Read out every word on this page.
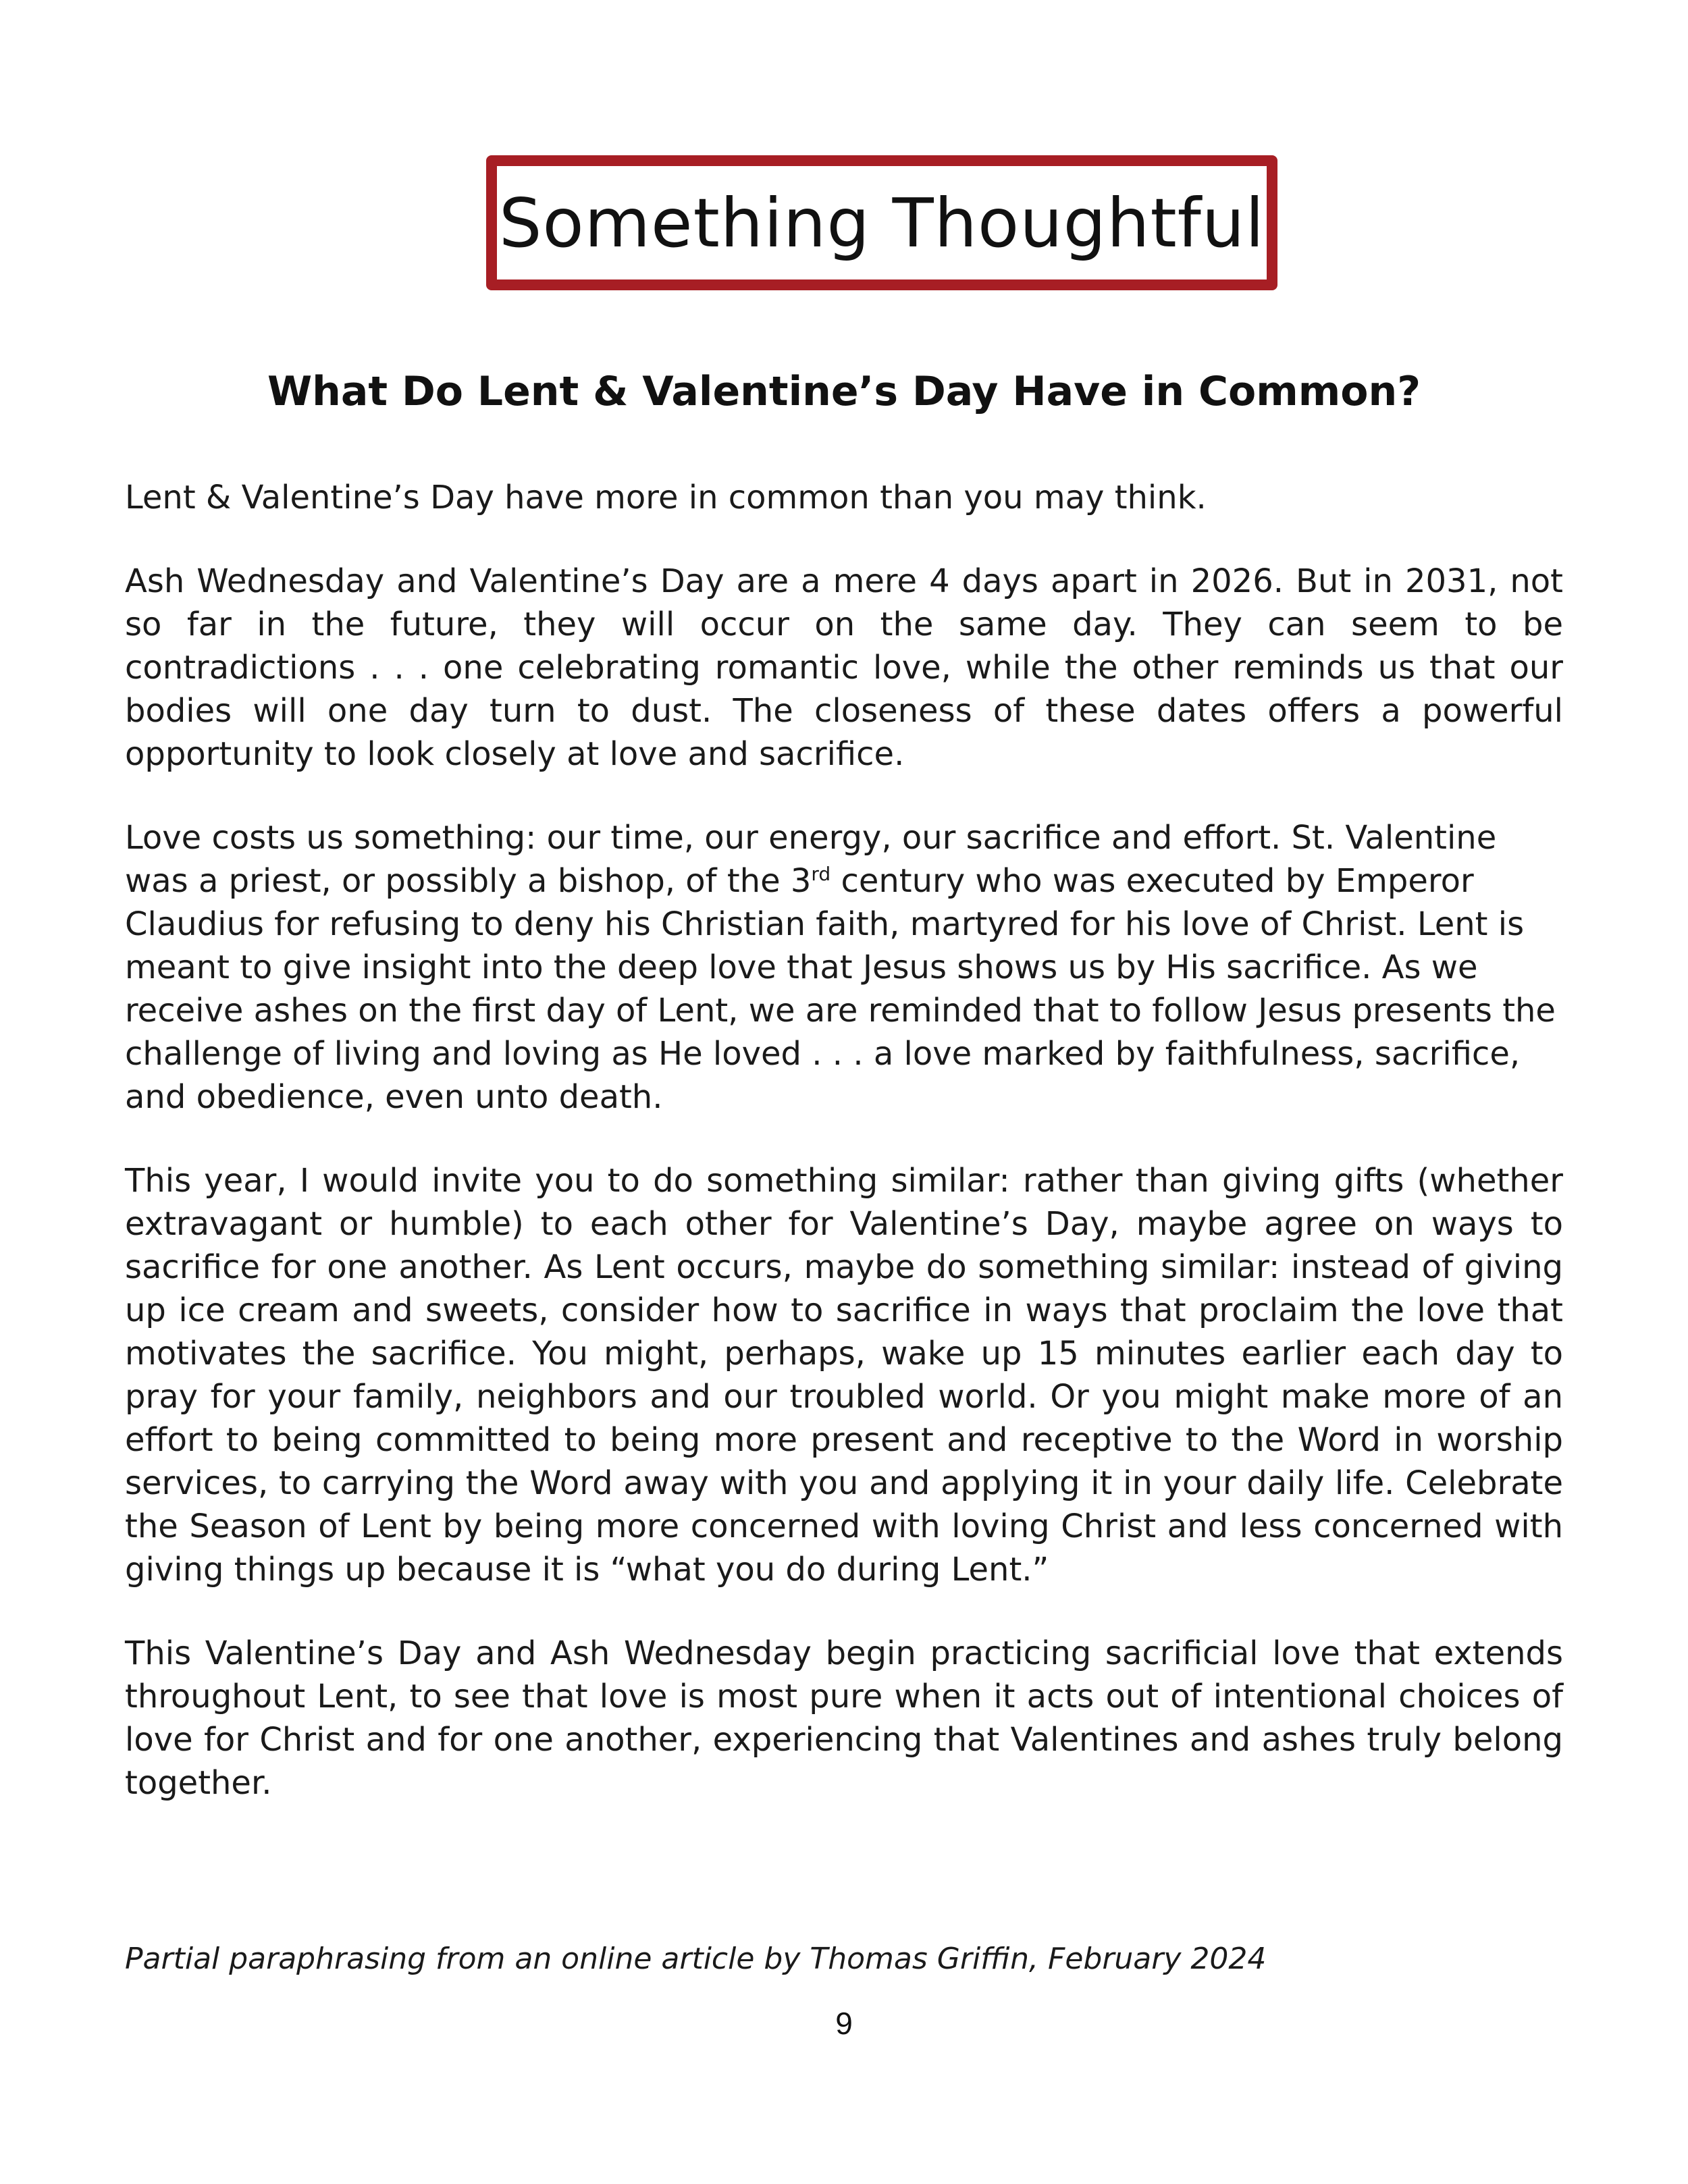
Something Thoughtful
What Do Lent & Valentine’s Day Have in Common?

Lent & Valentine’s Day have more in common than you may think.

Ash Wednesday and Valentine’s Day are a mere 4 days apart in 2026. But in 2031, not so far in the future, they will occur on the same day. They can seem to be contradictions . . . one celebrating romantic love, while the other reminds us that our bodies will one day turn to dust. The closeness of these dates offers a powerful opportunity to look closely at love and sacrifice.

Love costs us something: our time, our energy, our sacrifice and effort. St. Valentine was a priest, or possibly a bishop, of the 3rd century who was executed by Emperor Claudius for refusing to deny his Christian faith, martyred for his love of Christ. Lent is meant to give insight into the deep love that Jesus shows us by His sacrifice. As we receive ashes on the first day of Lent, we are reminded that to follow Jesus presents the challenge of living and loving as He loved . . . a love marked by faithfulness, sacrifice, and obedience, even unto death.

This year, I would invite you to do something similar: rather than giving gifts (whether extravagant or humble) to each other for Valentine’s Day, maybe agree on ways to sacrifice for one another. As Lent occurs, maybe do something similar: instead of giving up ice cream and sweets, consider how to sacrifice in ways that proclaim the love that motivates the sacrifice. You might, perhaps, wake up 15 minutes earlier each day to pray for your family, neighbors and our troubled world. Or you might make more of an effort to being committed to being more present and receptive to the Word in worship services, to carrying the Word away with you and applying it in your daily life. Celebrate the Season of Lent by being more concerned with loving Christ and less concerned with giving things up because it is “what you do during Lent.”

This Valentine’s Day and Ash Wednesday begin practicing sacrificial love that extends throughout Lent, to see that love is most pure when it acts out of intentional choices of love for Christ and for one another, experiencing that Valentines and ashes truly belong together.

Partial paraphrasing from an online article by Thomas Griffin, February 2024
9
